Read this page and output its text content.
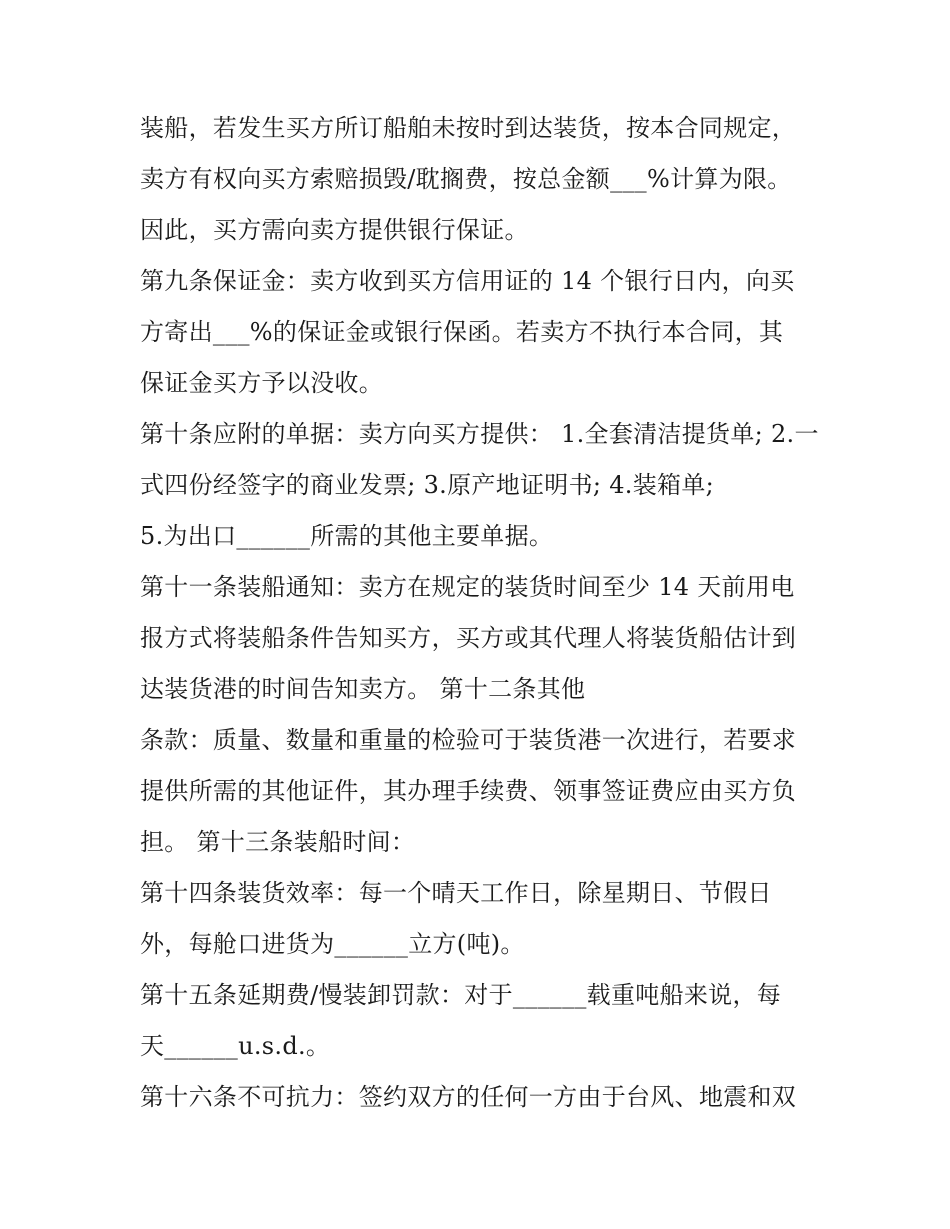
装船，若发生买方所订船舶未按时到达装货，按本合同规定，
卖方有权向买方索赔损毁/耽搁费，按总金额___%计算为限。
因此，买方需向卖方提供银行保证。
第九条保证金：卖方收到买方信用证的 14 个银行日内，向买
方寄出___%的保证金或银行保函。若卖方不执行本合同，其
保证金买方予以没收。
第十条应附的单据：卖方向买方提供： 1.全套清洁提货单; 2.一
式四份经签字的商业发票; 3.原产地证明书; 4.装箱单;
5.为出口______所需的其他主要单据。
第十一条装船通知：卖方在规定的装货时间至少 14 天前用电
报方式将装船条件告知买方，买方或其代理人将装货船估计到
达装货港的时间告知卖方。 第十二条其他
条款：质量、数量和重量的检验可于装货港一次进行，若要求
提供所需的其他证件，其办理手续费、领事签证费应由买方负
担。 第十三条装船时间：
第十四条装货效率：每一个晴天工作日，除星期日、节假日
外，每舱口进货为______立方(吨)。
第十五条延期费/慢装卸罚款：对于______载重吨船来说，每
天______u.s.d.。
第十六条不可抗力：签约双方的任何一方由于台风、地震和双
